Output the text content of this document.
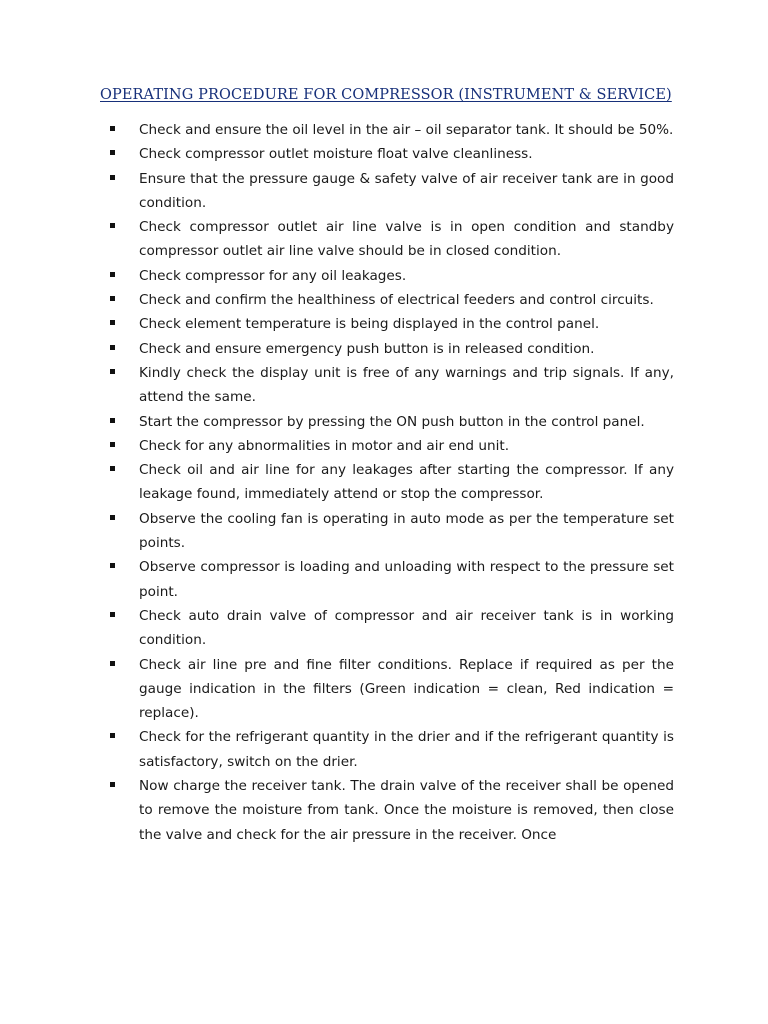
OPERATING PROCEDURE FOR COMPRESSOR (INSTRUMENT & SERVICE)
Check and ensure the oil level in the air – oil separator tank. It should be 50%.
Check compressor outlet moisture float valve cleanliness.
Ensure that the pressure gauge & safety valve of air receiver tank are in good condition.
Check compressor outlet air line valve is in open condition and standby compressor outlet air line valve should be in closed condition.
Check compressor for any oil leakages.
Check and confirm the healthiness of electrical feeders and control circuits.
Check element temperature is being displayed in the control panel.
Check and ensure emergency push button is in released condition.
Kindly check the display unit is free of any warnings and trip signals. If any, attend the same.
Start the compressor by pressing the ON push button in the control panel.
Check for any abnormalities in motor and air end unit.
Check oil and air line for any leakages after starting the compressor. If any leakage found, immediately attend or stop the compressor.
Observe the cooling fan is operating in auto mode as per the temperature set points.
Observe compressor is loading and unloading with respect to the pressure set point.
Check auto drain valve of compressor and air receiver tank is in working condition.
Check air line pre and fine filter conditions. Replace if required as per the gauge indication in the filters (Green indication = clean, Red indication = replace).
Check for the refrigerant quantity in the drier and if the refrigerant quantity is satisfactory, switch on the drier.
Now charge the receiver tank. The drain valve of the receiver shall be opened to remove the moisture from tank. Once the moisture is removed, then close the valve and check for the air pressure in the receiver. Once
